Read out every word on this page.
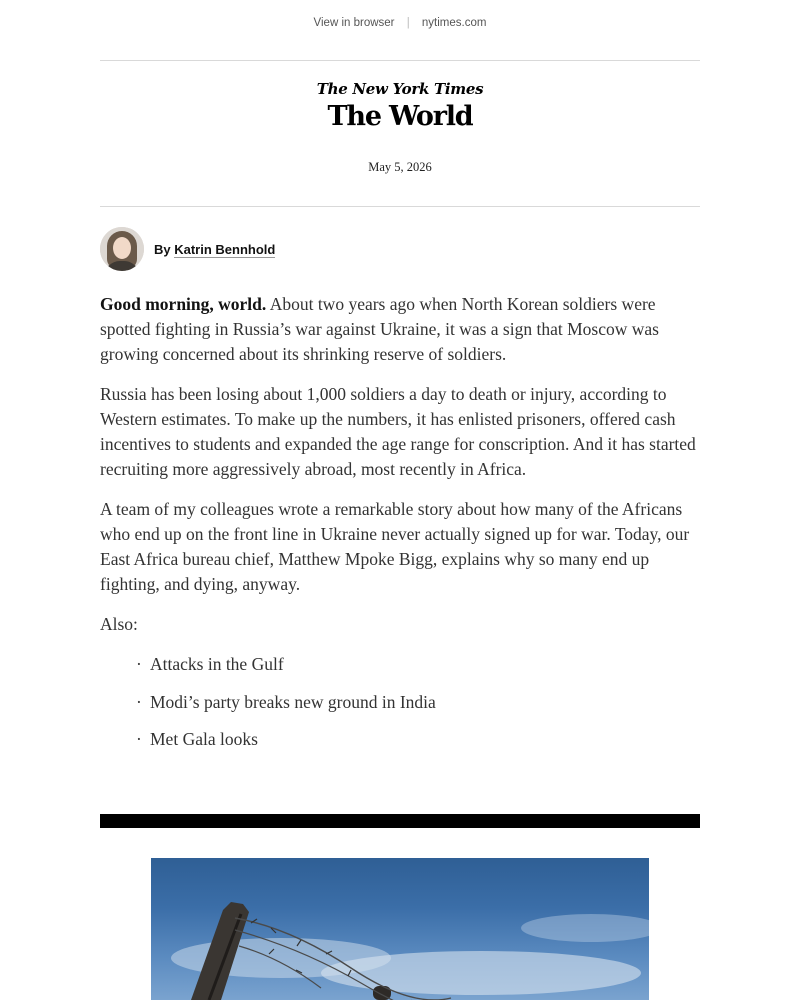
View in browser | nytimes.com
The New York Times
The World
May 5, 2026
By Katrin Bennhold

Good morning, world. About two years ago when North Korean soldiers were spotted fighting in Russia’s war against Ukraine, it was a sign that Moscow was growing concerned about its shrinking reserve of soldiers.

Russia has been losing about 1,000 soldiers a day to death or injury, according to Western estimates. To make up the numbers, it has enlisted prisoners, offered cash incentives to students and expanded the age range for conscription. And it has started recruiting more aggressively abroad, most recently in Africa.

A team of my colleagues wrote a remarkable story about how many of the Africans who end up on the front line in Ukraine never actually signed up for war. Today, our East Africa bureau chief, Matthew Mpoke Bigg, explains why so many end up fighting, and dying, anyway.

Also:

· Attacks in the Gulf
· Modi’s party breaks new ground in India
· Met Gala looks
